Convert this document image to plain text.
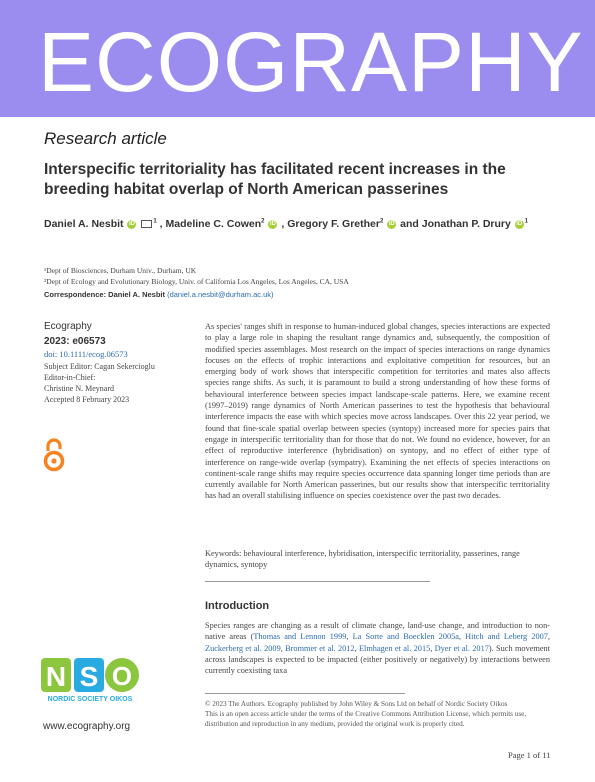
ECOGRAPHY
Research article
Interspecific territoriality has facilitated recent increases in the breeding habitat overlap of North American passerines
Daniel A. Nesbit iD	$^1$ , Madeline C. Cowen$^2$ iD , Gregory F. Grether$^2$ iD and Jonathan P. Drury iD $^1$
¹Dept of Biosciences, Durham Univ., Durham, UK
²Dept of Ecology and Evolutionary Biology, Univ. of California Los Angeles, Los Angeles, CA, USA
Correspondence: Daniel A. Nesbit (daniel.a.nesbit@durham.ac.uk)
Ecography
2023: e06573
doi: 10.1111/ecog.06573
Subject Editor: Cagan Sekercioglu
Editor-in-Chief:
Christine N. Meynard
Accepted 8 February 2023
As species' ranges shift in response to human-induced global changes, species interactions are expected to play a large role in shaping the resultant range dynamics and, subsequently, the composition of modified species assemblages. Most research on the impact of species interactions on range dynamics focuses on the effects of trophic interactions and exploitative competition for resources, but an emerging body of work shows that interspecific competition for territories and mates also affects species range shifts. As such, it is paramount to build a strong understanding of how these forms of behavioural interference between species impact landscape-scale patterns. Here, we examine recent (1997–2019) range dynamics of North American passerines to test the hypothesis that behavioural interference impacts the ease with which species move across landscapes. Over this 22 year period, we found that fine-scale spatial overlap between species (syntopy) increased more for species pairs that engage in interspecific territoriality than for those that do not. We found no evidence, however, for an effect of reproductive interference (hybridisation) on syntopy, and no effect of either type of interference on range-wide overlap (sympatry). Examining the net effects of species interactions on continent-scale range shifts may require species occurrence data spanning longer time periods than are currently available for North American passerines, but our results show that interspecific territoriality has had an overall stabilising influence on species coexistence over the past two decades.
Keywords: behavioural interference, hybridisation, interspecific territoriality, passerines, range dynamics, syntopy
Introduction
Species ranges are changing as a result of climate change, land-use change, and introduction to non-native areas (Thomas and Lennon 1999, La Sorte and Boecklen 2005a, Hitch and Leberg 2007, Zuckerberg et al. 2009, Brommer et al. 2012, Elmhagen et al. 2015, Dyer et al. 2017). Such movement across landscapes is expected to be impacted (either positively or negatively) by interactions between currently coexisting taxa
© 2023 The Authors. Ecography published by John Wiley & Sons Ltd on behalf of Nordic Society Oikos
This is an open access article under the terms of the Creative Commons Attribution License, which permits use, distribution and reproduction in any medium, provided the original work is properly cited.
N S O
NORDIC SOCIETY OIKOS
www.ecography.org
Page 1 of 11
